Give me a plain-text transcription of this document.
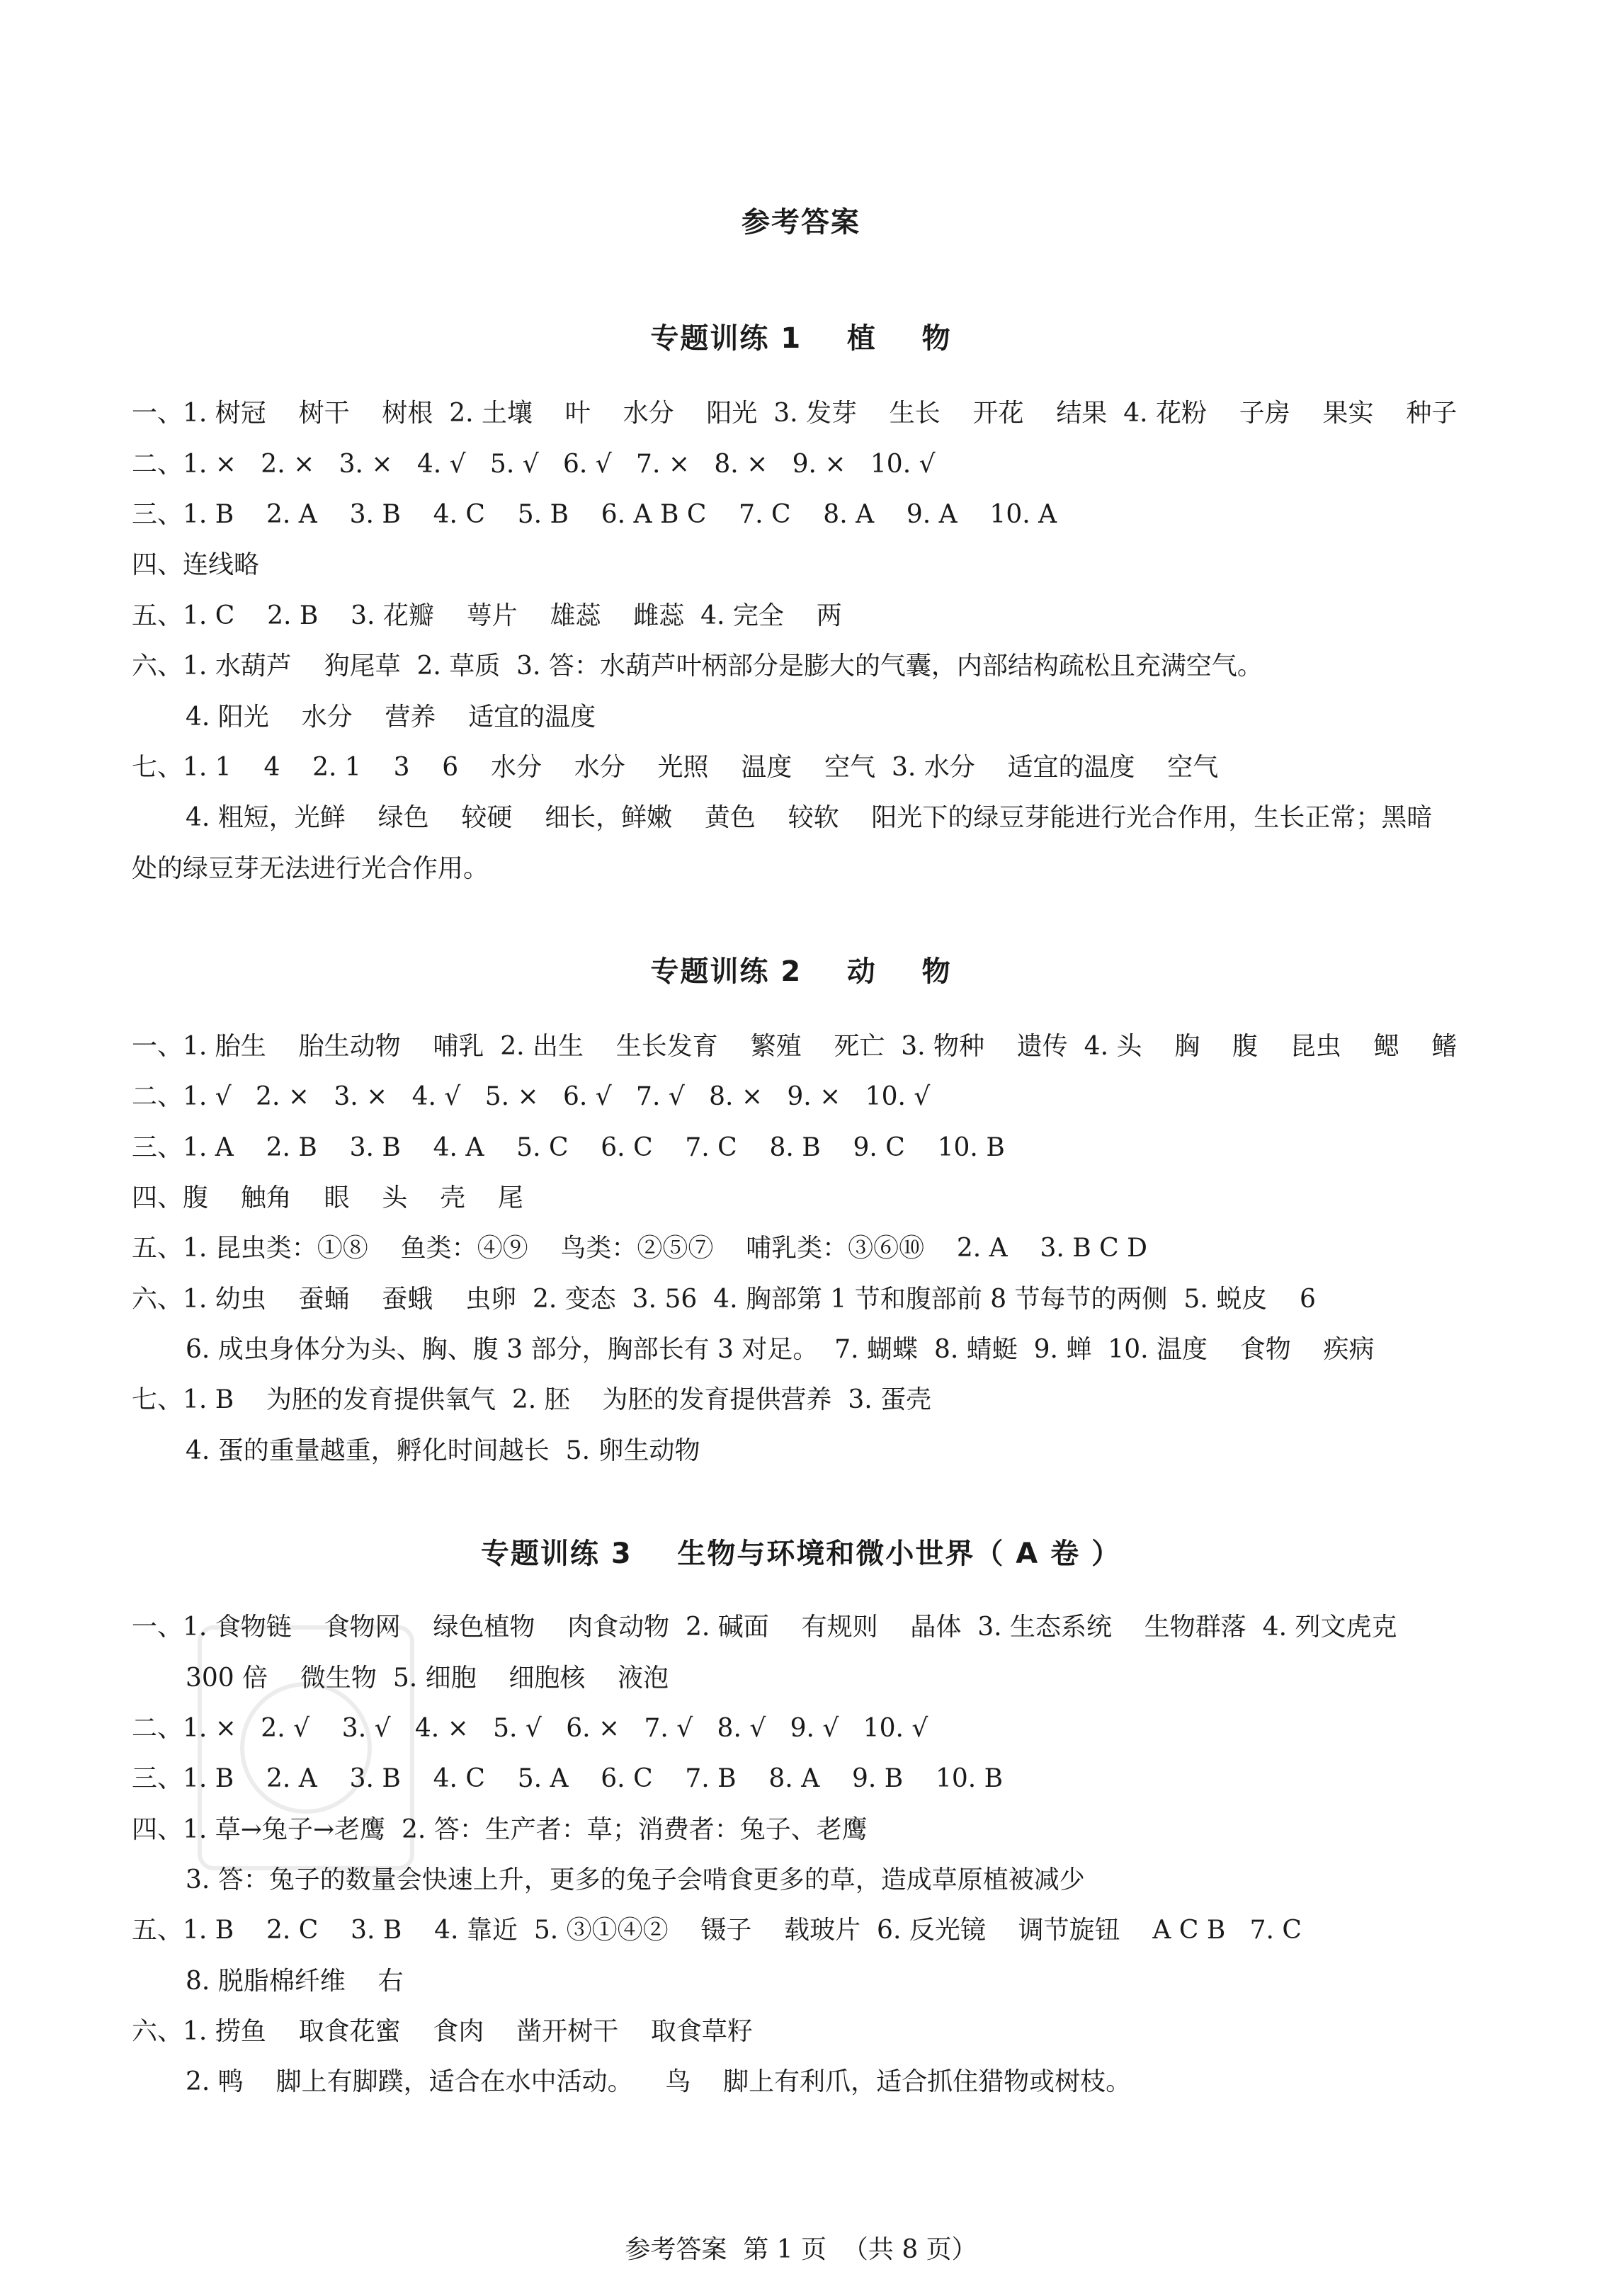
参考答案
专题训练 1    植    物
一、1. 树冠    树干    树根  2. 土壤    叶    水分    阳光  3. 发芽    生长    开花    结果  4. 花粉    子房    果实    种子
二、1. ×   2. ×   3. ×   4. √   5. √   6. √   7. ×   8. ×   9. ×   10. √
三、1. B    2. A    3. B    4. C    5. B    6. A B C    7. C    8. A    9. A    10. A
四、连线略
五、1. C    2. B    3. 花瓣    萼片    雄蕊    雌蕊  4. 完全    两
六、1. 水葫芦    狗尾草  2. 草质  3. 答：水葫芦叶柄部分是膨大的气囊，内部结构疏松且充满空气。
4. 阳光    水分    营养    适宜的温度
七、1. 1    4    2. 1    3    6    水分    水分    光照    温度    空气  3. 水分    适宜的温度    空气
4. 粗短，光鲜    绿色    较硬    细长，鲜嫩    黄色    较软    阳光下的绿豆芽能进行光合作用，生长正常；黑暗
处的绿豆芽无法进行光合作用。
专题训练 2    动    物
一、1. 胎生    胎生动物    哺乳  2. 出生    生长发育    繁殖    死亡  3. 物种    遗传  4. 头    胸    腹    昆虫    鳃    鳍
二、1. √   2. ×   3. ×   4. √   5. ×   6. √   7. √   8. ×   9. ×   10. √
三、1. A    2. B    3. B    4. A    5. C    6. C    7. C    8. B    9. C    10. B
四、腹    触角    眼    头    壳    尾
五、1. 昆虫类：①⑧    鱼类：④⑨    鸟类：②⑤⑦    哺乳类：③⑥⑩    2. A    3. B C D
六、1. 幼虫    蚕蛹    蚕蛾    虫卵  2. 变态  3. 56  4. 胸部第 1 节和腹部前 8 节每节的两侧  5. 蜕皮    6
6. 成虫身体分为头、胸、腹 3 部分，胸部长有 3 对足。  7. 蝴蝶  8. 蜻蜓  9. 蝉  10. 温度    食物    疾病
七、1. B    为胚的发育提供氧气  2. 胚    为胚的发育提供营养  3. 蛋壳
4. 蛋的重量越重，孵化时间越长  5. 卵生动物
专题训练 3    生物与环境和微小世界（ A 卷 ）
一、1. 食物链    食物网    绿色植物    肉食动物  2. 碱面    有规则    晶体  3. 生态系统    生物群落  4. 列文虎克
300 倍    微生物  5. 细胞    细胞核    液泡
二、1. ×   2. √    3. √   4. ×   5. √   6. ×   7. √   8. √   9. √   10. √
三、1. B    2. A    3. B    4. C    5. A    6. C    7. B    8. A    9. B    10. B
四、1. 草→兔子→老鹰  2. 答：生产者：草；消费者：兔子、老鹰
3. 答：兔子的数量会快速上升，更多的兔子会啃食更多的草，造成草原植被减少
五、1. B    2. C    3. B    4. 靠近  5. ③①④②    镊子    载玻片  6. 反光镜    调节旋钮    A C B   7. C
8. 脱脂棉纤维    右
六、1. 捞鱼    取食花蜜    食肉    凿开树干    取食草籽
2. 鸭    脚上有脚蹼，适合在水中活动。    鸟    脚上有利爪，适合抓住猎物或树枝。
参考答案  第 1 页  （共 8 页）
